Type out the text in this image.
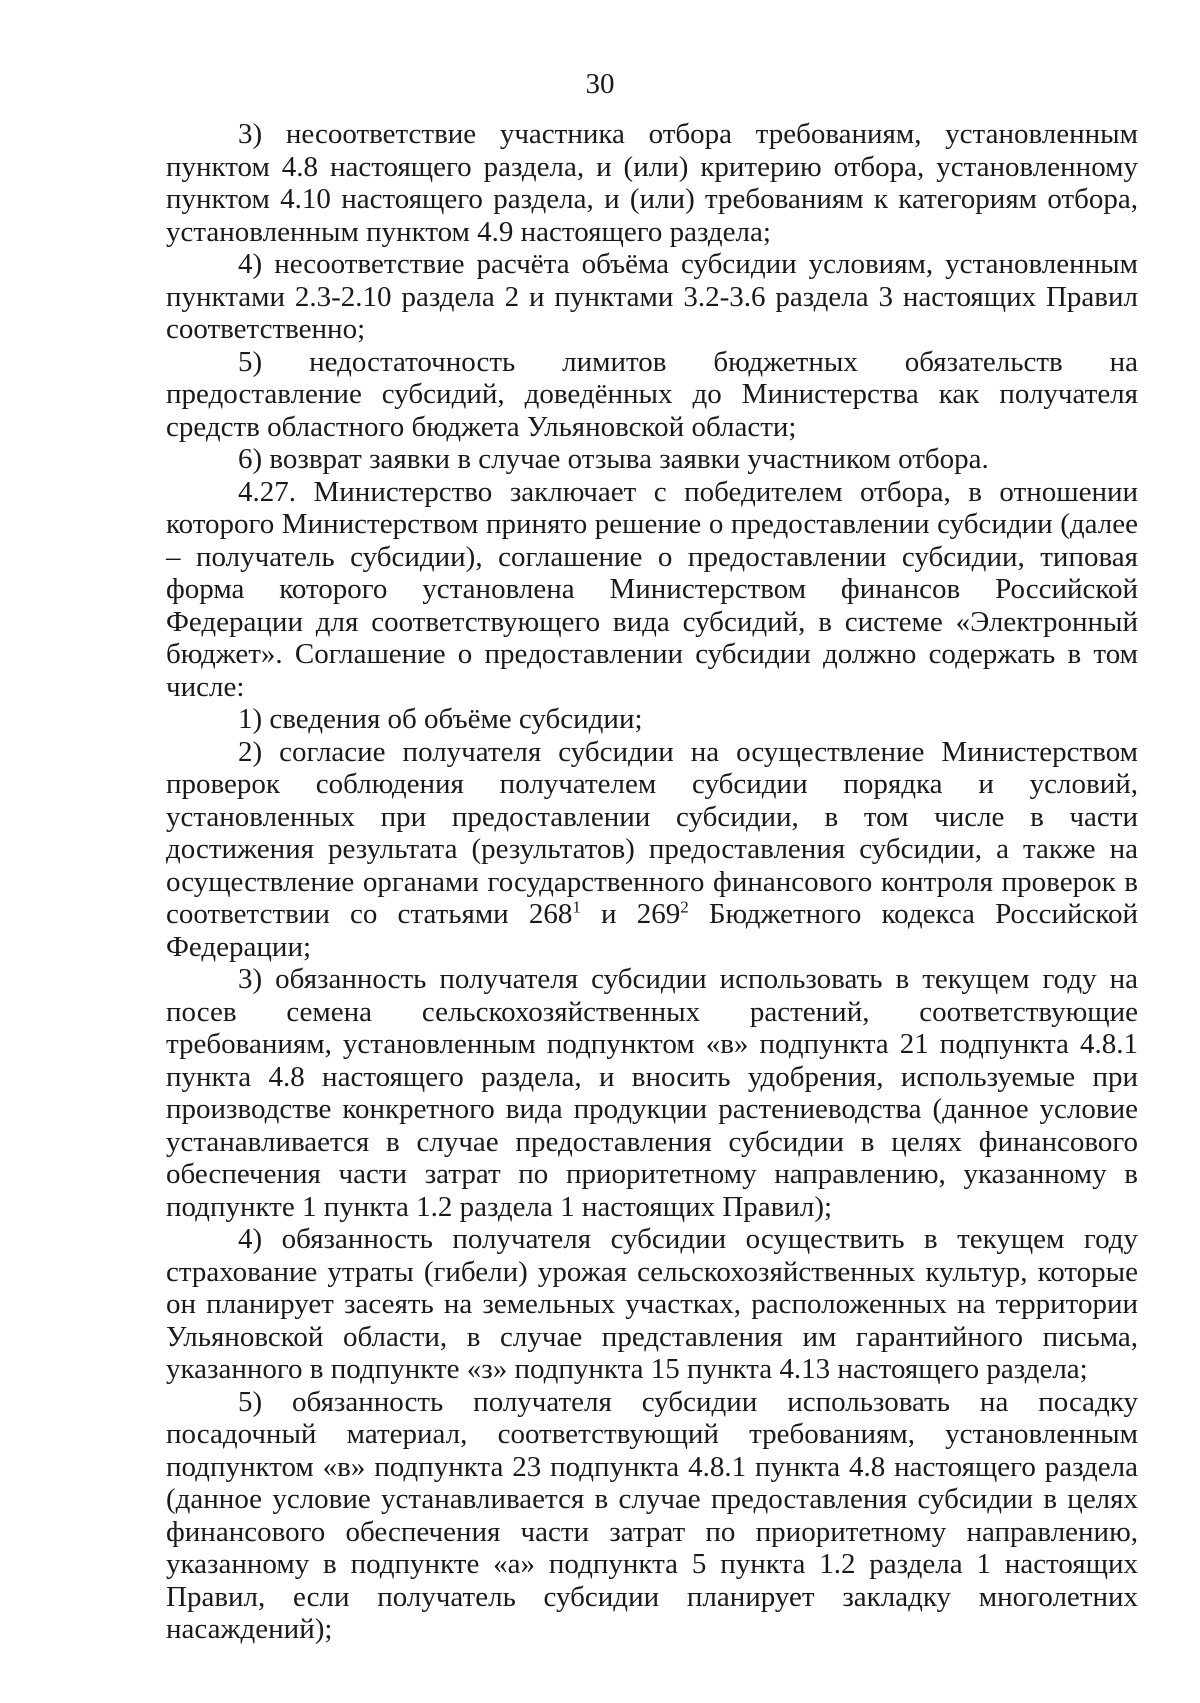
30

3) несоответствие участника отбора требованиям, установленным пунктом 4.8 настоящего раздела, и (или) критерию отбора, установленному пунктом 4.10 настоящего раздела, и (или) требованиям к категориям отбора, установленным пунктом 4.9 настоящего раздела;

4) несоответствие расчёта объёма субсидии условиям, установленным пунктами 2.3-2.10 раздела 2 и пунктами 3.2-3.6 раздела 3 настоящих Правил соответственно;

5) недостаточность лимитов бюджетных обязательств на предоставление субсидий, доведённых до Министерства как получателя средств областного бюджета Ульяновской области;

6) возврат заявки в случае отзыва заявки участником отбора.

4.27. Министерство заключает с победителем отбора, в отношении которого Министерством принято решение о предоставлении субсидии (далее – получатель субсидии), соглашение о предоставлении субсидии, типовая форма которого установлена Министерством финансов Российской Федерации для соответствующего вида субсидий, в системе «Электронный бюджет». Соглашение о предоставлении субсидии должно содержать в том числе:

1) сведения об объёме субсидии;

2) согласие получателя субсидии на осуществление Министерством проверок соблюдения получателем субсидии порядка и условий, установленных при предоставлении субсидии, в том числе в части достижения результата (результатов) предоставления субсидии, а также на осуществление органами государственного финансового контроля проверок в соответствии со статьями $268^1$ и $269^2$ Бюджетного кодекса Российской Федерации;

3) обязанность получателя субсидии использовать в текущем году на посев семена сельскохозяйственных растений, соответствующие требованиям, установленным подпунктом «в» подпункта 21 подпункта 4.8.1 пункта 4.8 настоящего раздела, и вносить удобрения, используемые при производстве конкретного вида продукции растениеводства (данное условие устанавливается в случае предоставления субсидии в целях финансового обеспечения части затрат по приоритетному направлению, указанному в подпункте 1 пункта 1.2 раздела 1 настоящих Правил);

4) обязанность получателя субсидии осуществить в текущем году страхование утраты (гибели) урожая сельскохозяйственных культур, которые он планирует засеять на земельных участках, расположенных на территории Ульяновской области, в случае представления им гарантийного письма, указанного в подпункте «з» подпункта 15 пункта 4.13 настоящего раздела;

5) обязанность получателя субсидии использовать на посадку посадочный материал, соответствующий требованиям, установленным подпунктом «в» подпункта 23 подпункта 4.8.1 пункта 4.8 настоящего раздела (данное условие устанавливается в случае предоставления субсидии в целях финансового обеспечения части затрат по приоритетному направлению, указанному в подпункте «а» подпункта 5 пункта 1.2 раздела 1 настоящих Правил, если получатель субсидии планирует закладку многолетних насаждений);
